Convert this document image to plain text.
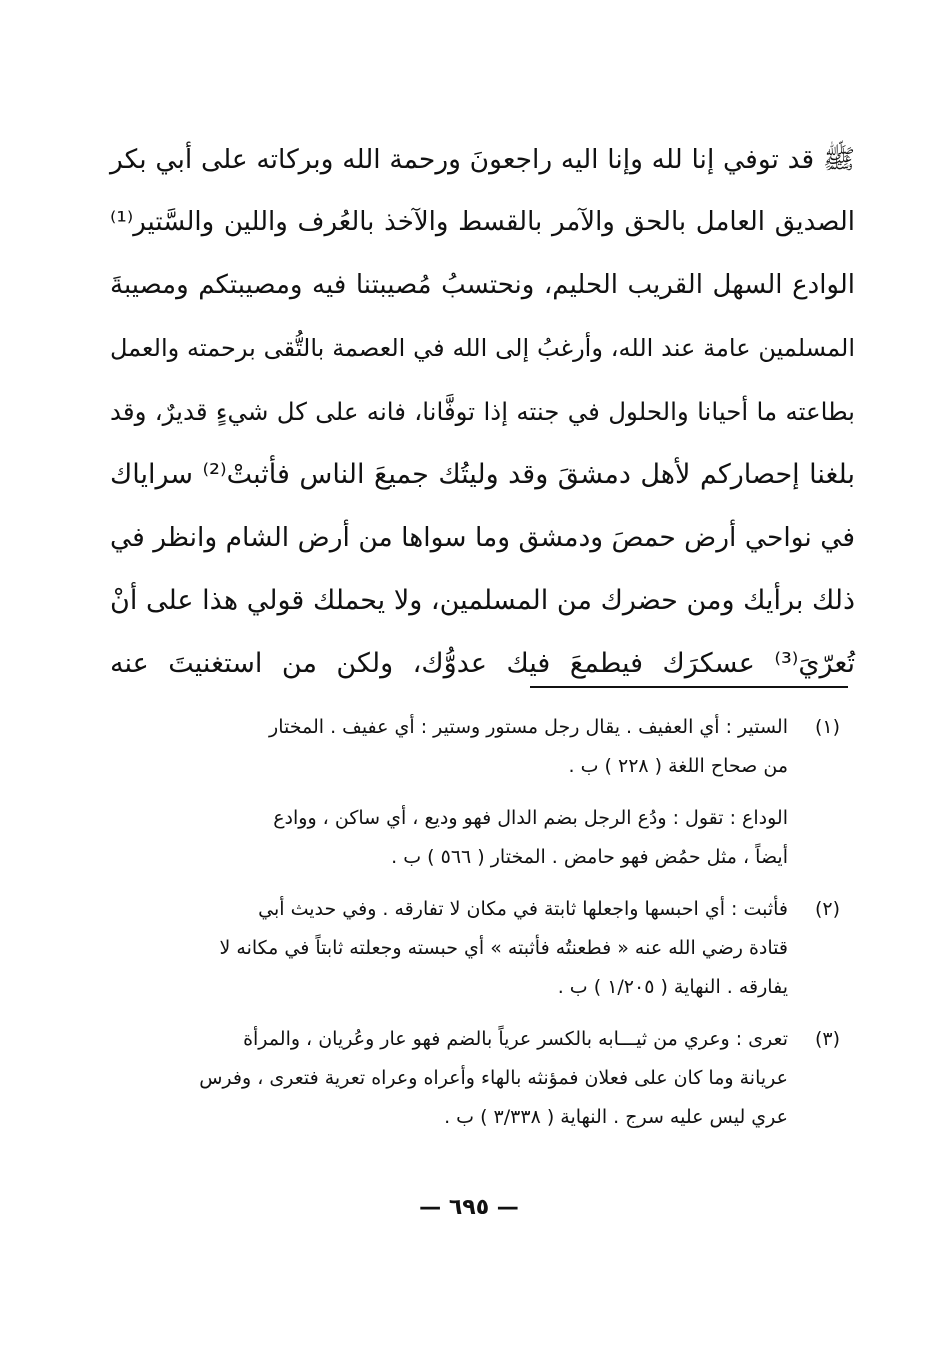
ﷺ قد توفي إنا لله وإنا اليه راجعونَ ورحمة الله وبركاته على أبي بكر
الصديق العامل بالحق والآمر بالقسط والآخذ بالعُرف واللين والسَّتير⁽¹⁾
الوادع السهل القريب الحليم، ونحتسبُ مُصيبتنا فيه ومصيبتكم ومصيبةَ
المسلمين عامة عند الله، وأرغبُ إلى الله في العصمة بالتُّقى برحمته والعمل
بطاعته ما أحيانا والحلول في جنته إذا توفَّانا، فانه على كل شيءٍ قديرٌ، وقد
بلغنا إحصاركم لأهل دمشقَ وقد وليتُك جميعَ الناس فأثبتْ⁽²⁾ سراياك
في نواحي أرض حمصَ ودمشق وما سواها من أرض الشام وانظر في
ذلك برأيك ومن حضرك من المسلمين، ولا يحملك قولي هذا على أنْ
تُعرّيَ⁽³⁾ عسكرَك فيطمعَ فيك عدوُّك، ولكن من استغنيتَ عنه
(١)
الستير : أي العفيف . يقال رجل مستور وستير : أي عفيف . المختار
من صحاح اللغة ( ٢٢٨ ) ب .
الوداع : تقول : ودُع الرجل بضم الدال فهو وديع ، أي ساكن ، ووادع
أيضاً ، مثل حمُض فهو حامض . المختار ( ٥٦٦ ) ب .
(٢)
فأثبت : أي احبسها واجعلها ثابتة في مكان لا تفارقه . وفي حديث أبي
قتادة رضي الله عنه « فطعنتُه فأثبته » أي حبسته وجعلته ثابتاً في مكانه لا
يفارقه . النهاية ( ١/٢٠٥ ) ب .
(٣)
تعرى : وعري من ثيـــابه بالكسر عرياً بالضم فهو عار وعُريان ، والمرأة
عريانة وما كان على فعلان فمؤنثه بالهاء وأعراه وعراه تعرية فتعرى ، وفرس
عري ليس عليه سرج . النهاية ( ٣/٣٣٨ ) ب .
— ٦٩٥ —
